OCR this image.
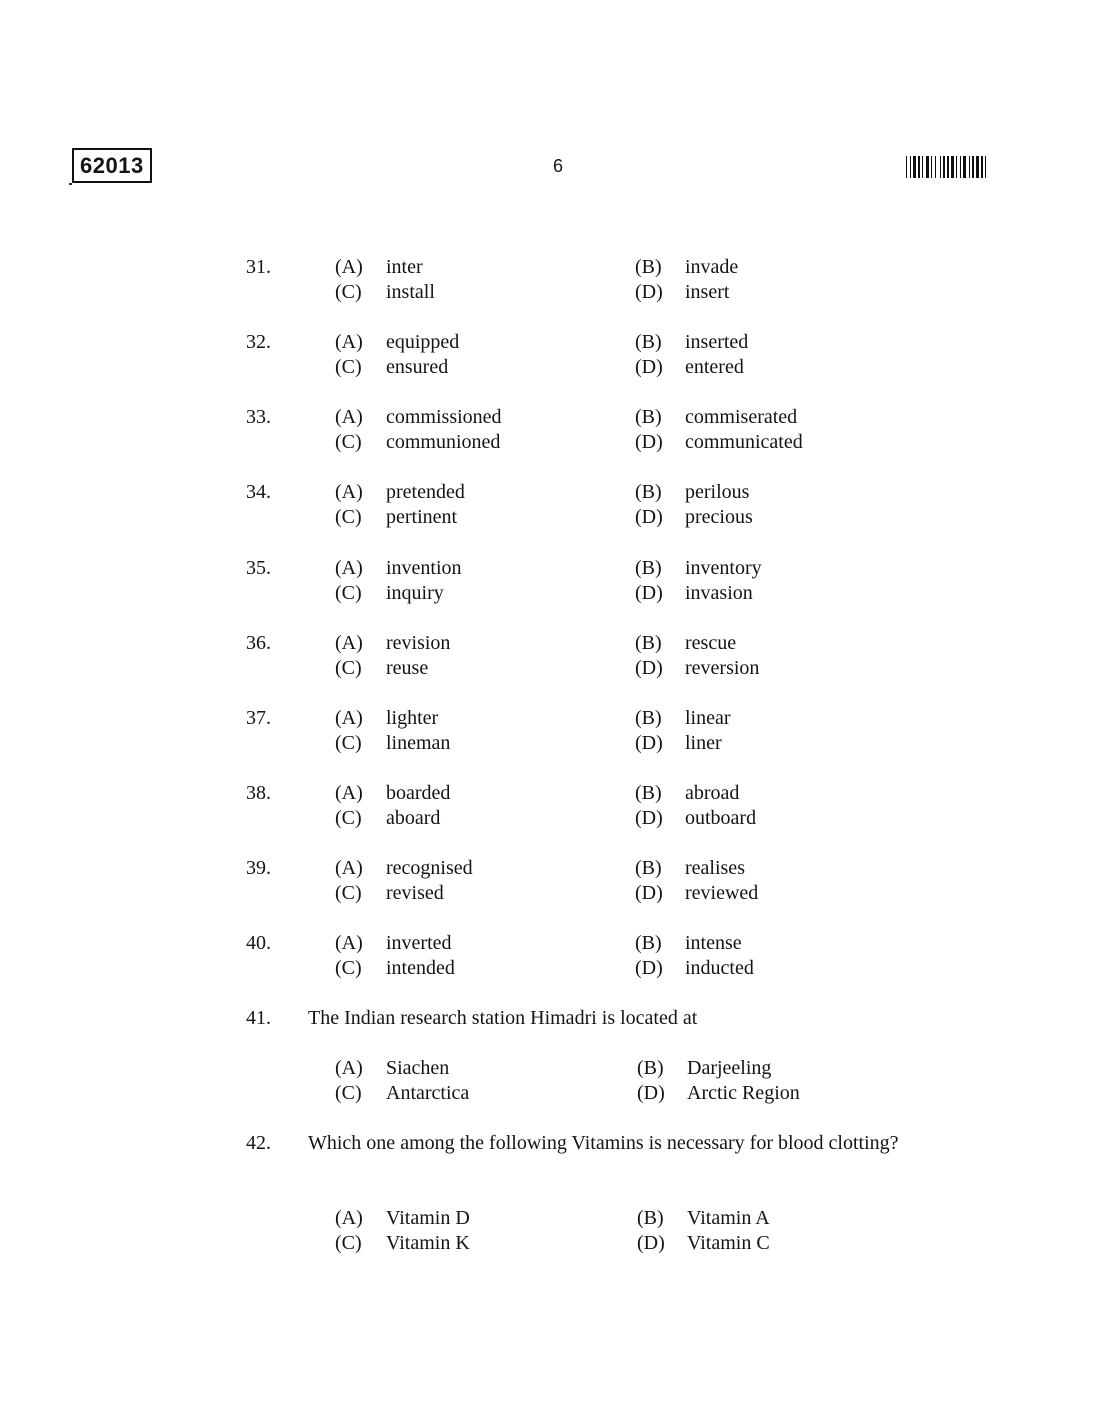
62013	6
31.	(A)	inter	(B)	invade
(C)	install	(D)	insert
32.	(A)	equipped	(B)	inserted
(C)	ensured	(D)	entered
33.	(A)	commissioned	(B)	commiserated
(C)	communioned	(D)	communicated
34.	(A)	pretended	(B)	perilous
(C)	pertinent	(D)	precious
35.	(A)	invention	(B)	inventory
(C)	inquiry	(D)	invasion
36.	(A)	revision	(B)	rescue
(C)	reuse	(D)	reversion
37.	(A)	lighter	(B)	linear
(C)	lineman	(D)	liner
38.	(A)	boarded	(B)	abroad
(C)	aboard	(D)	outboard
39.	(A)	recognised	(B)	realises
(C)	revised	(D)	reviewed
40.	(A)	inverted	(B)	intense
(C)	intended	(D)	inducted
41. The Indian research station Himadri is located at
(A)	Siachen	(B)	Darjeeling
(C)	Antarctica	(D)	Arctic Region
42. Which one among the following Vitamins is necessary for blood clotting?
(A)	Vitamin D	(B)	Vitamin A
(C)	Vitamin K	(D)	Vitamin C
